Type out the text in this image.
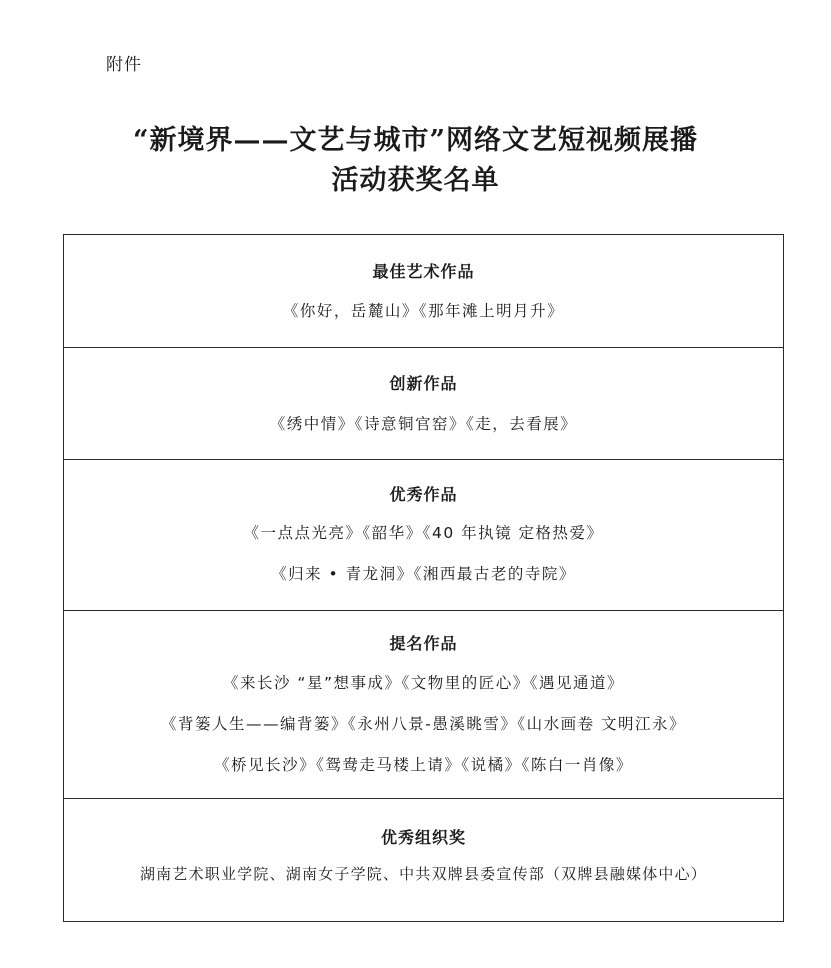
附件
“新境界——文艺与城市”网络文艺短视频展播
活动获奖名单
最佳艺术作品
《你好，岳麓山》《那年滩上明月升》
创新作品
《绣中情》《诗意铜官窑》《走，去看展》
优秀作品
《一点点光亮》《韶华》《40 年执镜 定格热爱》
《归来 • 青龙洞》《湘西最古老的寺院》
提名作品
《来长沙 “星”想事成》《文物里的匠心》《遇见通道》
《背篓人生——编背篓》《永州八景-愚溪眺雪》《山水画卷 文明江永》
《桥见长沙》《鸳鸯走马楼上请》《说橘》《陈白一肖像》
优秀组织奖
湖南艺术职业学院、湖南女子学院、中共双牌县委宣传部（双牌县融媒体中心）
